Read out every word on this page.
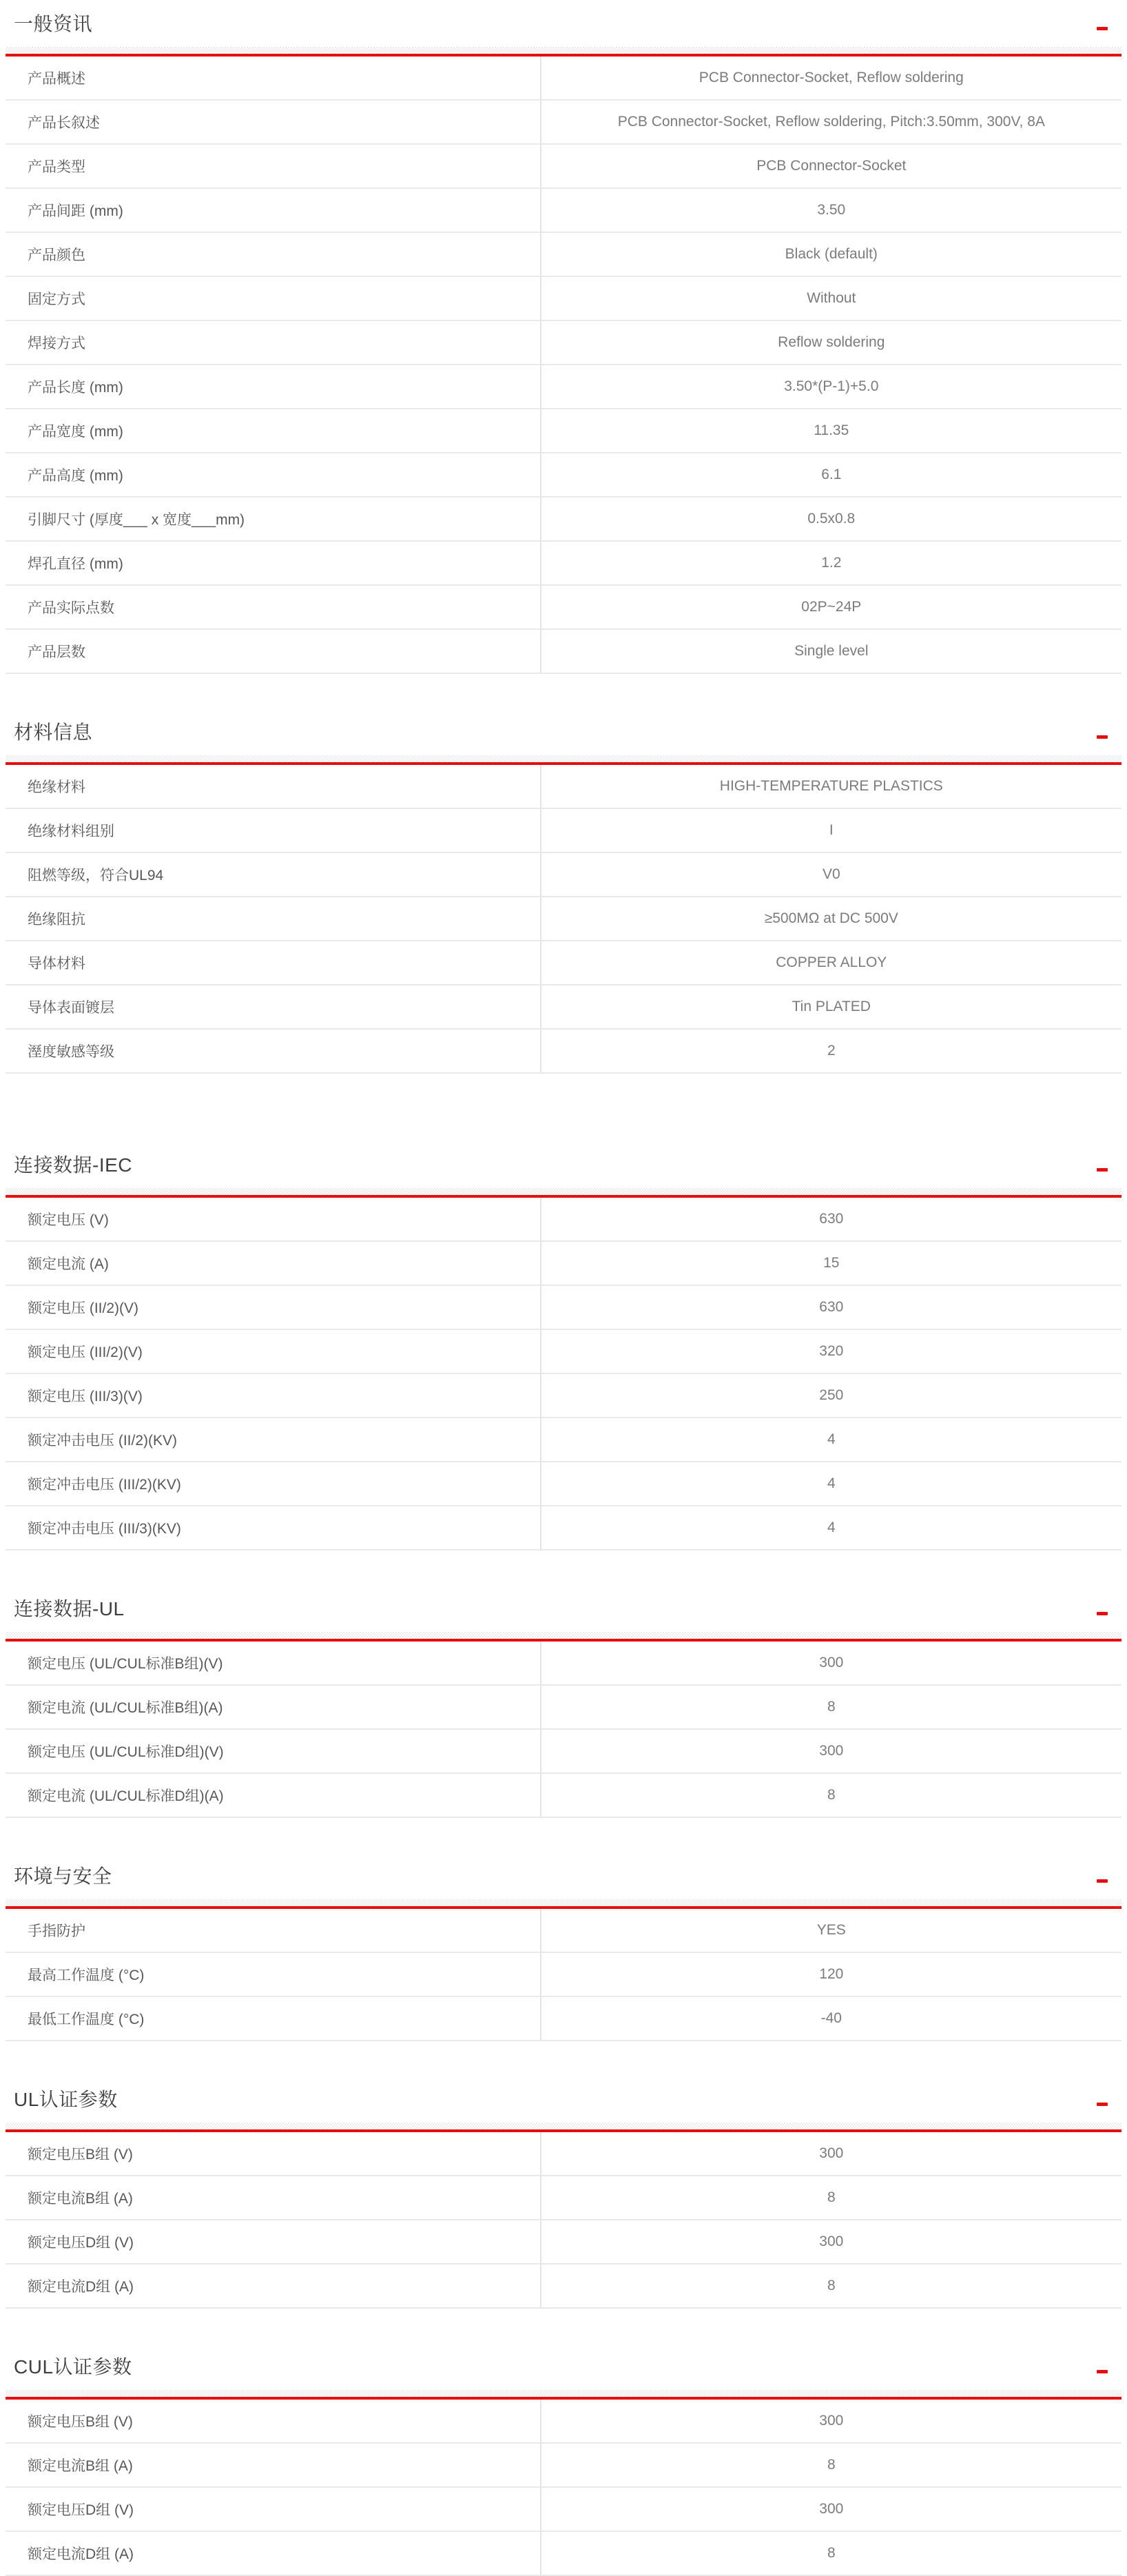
一般资讯
产品概述	PCB Connector-Socket, Reflow soldering
产品长叙述	PCB Connector-Socket, Reflow soldering, Pitch:3.50mm, 300V, 8A
产品类型	PCB Connector-Socket
产品间距 (mm)	3.50
产品颜色	Black (default)
固定方式	Without
焊接方式	Reflow soldering
产品长度 (mm)	3.50*(P-1)+5.0
产品宽度 (mm)	11.35
产品高度 (mm)	6.1
引脚尺寸 (厚度___ x 宽度___mm)	0.5x0.8
焊孔直径 (mm)	1.2
产品实际点数	02P~24P
产品层数	Single level
材料信息
绝缘材料	HIGH-TEMPERATURE PLASTICS
绝缘材料组别	I
阻燃等级，符合UL94	V0
绝缘阻抗	≥500MΩ at DC 500V
导体材料	COPPER ALLOY
导体表面镀层	Tin PLATED
溼度敏感等级	2
连接数据-IEC
额定电压 (V)	630
额定电流 (A)	15
额定电压 (II/2)(V)	630
额定电压 (III/2)(V)	320
额定电压 (III/3)(V)	250
额定冲击电压 (II/2)(KV)	4
额定冲击电压 (III/2)(KV)	4
额定冲击电压 (III/3)(KV)	4
连接数据-UL
额定电压 (UL/CUL标准B组)(V)	300
额定电流 (UL/CUL标准B组)(A)	8
额定电压 (UL/CUL标准D组)(V)	300
额定电流 (UL/CUL标准D组)(A)	8
环境与安全
手指防护	YES
最高工作温度 (°C)	120
最低工作温度 (°C)	-40
UL认证参数
额定电压B组 (V)	300
额定电流B组 (A)	8
额定电压D组 (V)	300
额定电流D组 (A)	8
CUL认证参数
额定电压B组 (V)	300
额定电流B组 (A)	8
额定电压D组 (V)	300
额定电流D组 (A)	8
